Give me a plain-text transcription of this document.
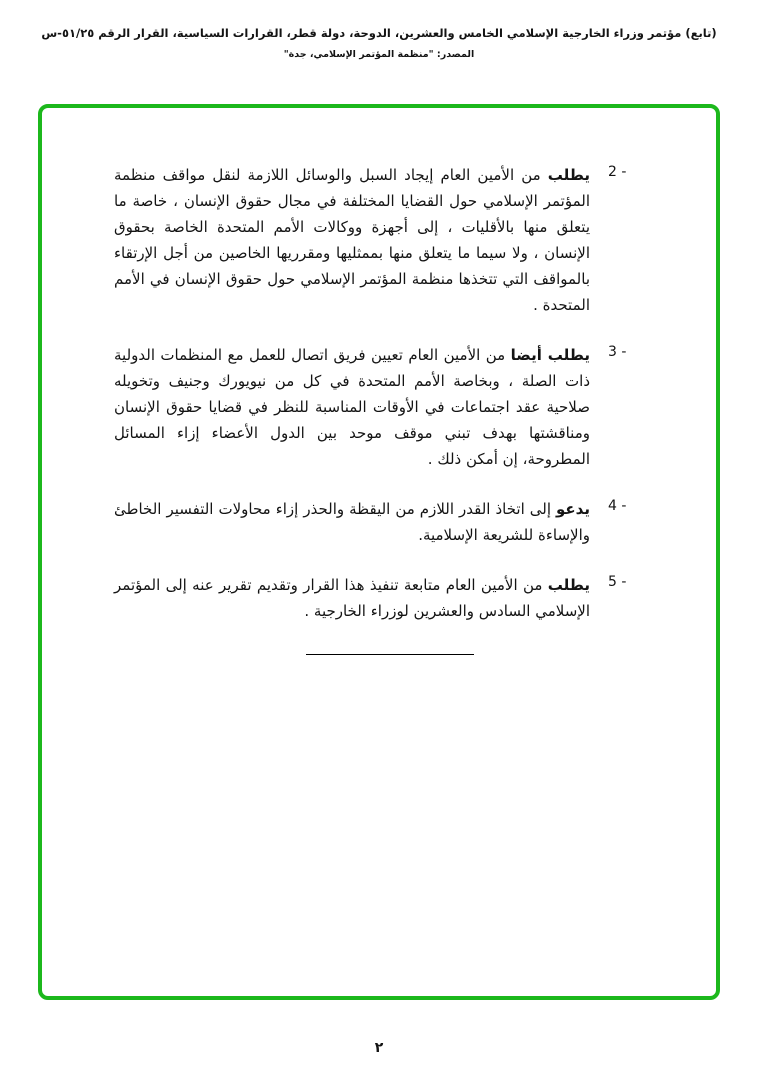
(تابع) مؤتمر وزراء الخارجية الإسلامي الخامس والعشرين، الدوحة، دولة قطر، القرارات السياسية، القرار الرقم ٥١/٢٥-س
المصدر: "منظمة المؤتمر الإسلامي، جدة"
2 -

يطلب من الأمين العام إيجاد السبل والوسائل اللازمة لنقل مواقف منظمة المؤتمر الإسلامي حول القضايا المختلفة في مجال حقوق الإنسان ، خاصة ما يتعلق منها بالأقليات ، إلى أجهزة ووكالات الأمم المتحدة الخاصة بحقوق الإنسان ، ولا سيما ما يتعلق منها بممثليها ومقرريها الخاصين من أجل الإرتقاء بالمواقف التي تتخذها منظمة المؤتمر الإسلامي حول حقوق الإنسان في الأمم المتحدة .

3 -

يطلب أيضا من الأمين العام تعيين فريق اتصال للعمل مع المنظمات الدولية ذات الصلة ، وبخاصة الأمم المتحدة في كل من نيويورك وجنيف وتخويله صلاحية عقد اجتماعات في الأوقات المناسبة للنظر في قضايا حقوق الإنسان ومناقشتها بهدف تبني موقف موحد بين الدول الأعضاء إزاء المسائل المطروحة، إن أمكن ذلك .

4 -

يدعو إلى اتخاذ القدر اللازم من اليقظة والحذر إزاء محاولات التفسير الخاطئ والإساءة للشريعة الإسلامية.

5 -

يطلب من الأمين العام متابعة تنفيذ هذا القرار وتقديم تقرير عنه إلى المؤتمر الإسلامي السادس والعشرين لوزراء الخارجية .

٢
